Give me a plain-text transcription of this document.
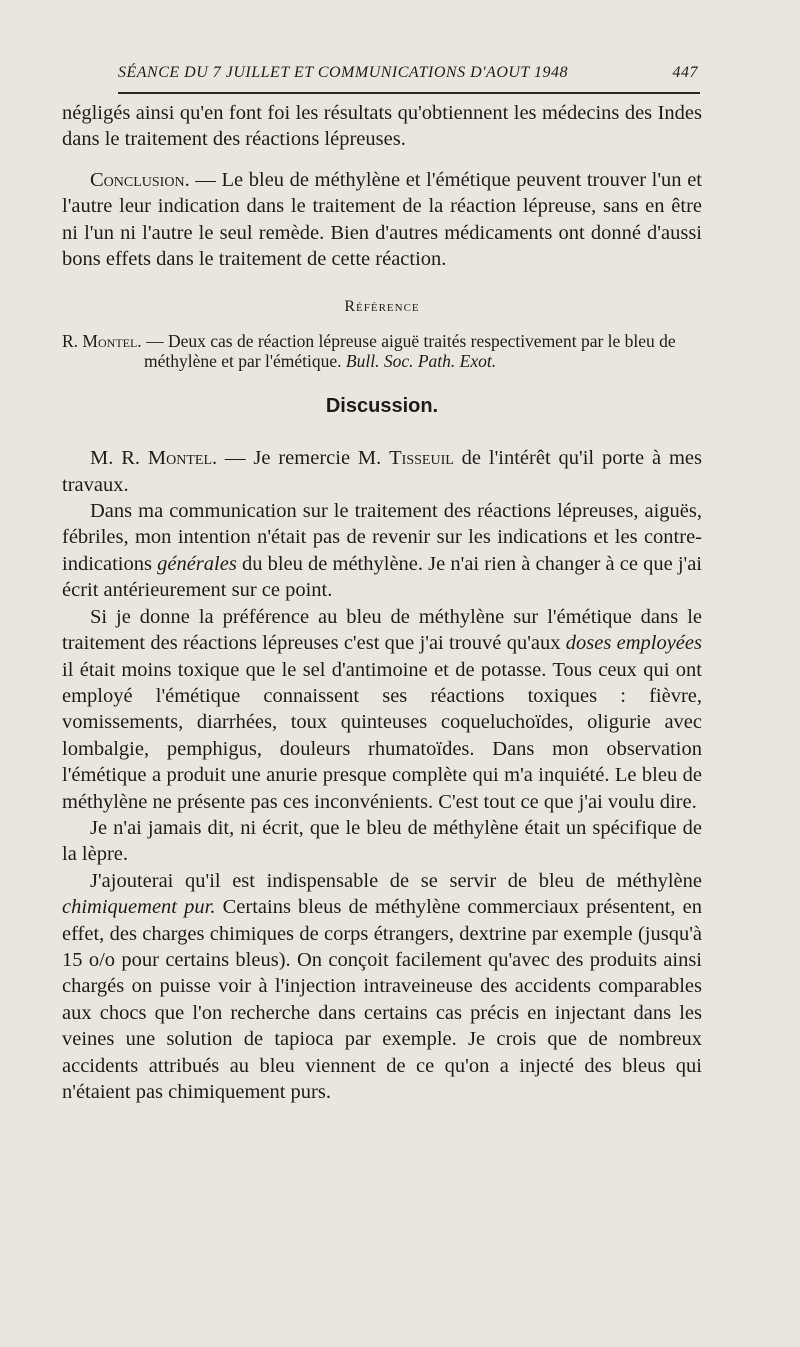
SÉANCE DU 7 JUILLET ET COMMUNICATIONS D'AOUT 1948	447

négligés ainsi qu'en font foi les résultats qu'obtiennent les médecins des Indes dans le traitement des réactions lépreuses.

Conclusion. — Le bleu de méthylène et l'émétique peuvent trouver l'un et l'autre leur indication dans le traitement de la réaction lépreuse, sans en être ni l'un ni l'autre le seul remède. Bien d'autres médicaments ont donné d'aussi bons effets dans le traitement de cette réaction.

Référence

R. Montel. — Deux cas de réaction lépreuse aiguë traités respectivement par le bleu de méthylène et par l'émétique. Bull. Soc. Path. Exot.

Discussion.

M. R. Montel. — Je remercie M. Tisseuil de l'intérêt qu'il porte à mes travaux.

Dans ma communication sur le traitement des réactions lépreuses, aiguës, fébriles, mon intention n'était pas de revenir sur les indications et les contre-indications générales du bleu de méthylène. Je n'ai rien à changer à ce que j'ai écrit antérieurement sur ce point.

Si je donne la préférence au bleu de méthylène sur l'émétique dans le traitement des réactions lépreuses c'est que j'ai trouvé qu'aux doses employées il était moins toxique que le sel d'antimoine et de potasse. Tous ceux qui ont employé l'émétique connaissent ses réactions toxiques : fièvre, vomissements, diarrhées, toux quinteuses coqueluchoïdes, oligurie avec lombalgie, pemphigus, douleurs rhumatoïdes. Dans mon observation l'émétique a produit une anurie presque complète qui m'a inquiété. Le bleu de méthylène ne présente pas ces inconvénients. C'est tout ce que j'ai voulu dire.

Je n'ai jamais dit, ni écrit, que le bleu de méthylène était un spécifique de la lèpre.

J'ajouterai qu'il est indispensable de se servir de bleu de méthylène chimiquement pur. Certains bleus de méthylène commerciaux présentent, en effet, des charges chimiques de corps étrangers, dextrine par exemple (jusqu'à 15 o/o pour certains bleus). On conçoit facilement qu'avec des produits ainsi chargés on puisse voir à l'injection intraveineuse des accidents comparables aux chocs que l'on recherche dans certains cas précis en injectant dans les veines une solution de tapioca par exemple. Je crois que de nombreux accidents attribués au bleu viennent de ce qu'on a injecté des bleus qui n'étaient pas chimiquement purs.
